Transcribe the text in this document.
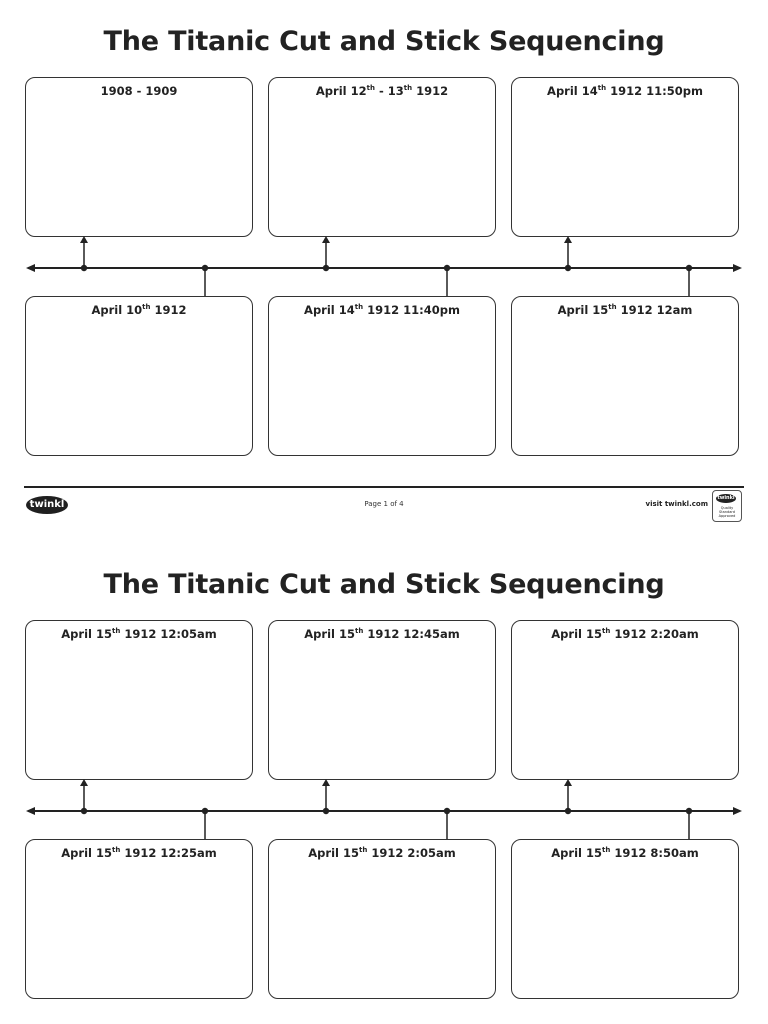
The Titanic Cut and Stick Sequencing
1908 - 1909	April 12th - 13th 1912	April 14th 1912 11:50pm
April 10th 1912	April 14th 1912 11:40pm	April 15th 1912 12am
twinkl	Page 1 of 4	visit twinkl.com
twinkl
Quality Standard Approved
The Titanic Cut and Stick Sequencing
April 15th 1912 12:05am	April 15th 1912 12:45am	April 15th 1912 2:20am
April 15th 1912 12:25am	April 15th 1912 2:05am	April 15th 1912 8:50am
